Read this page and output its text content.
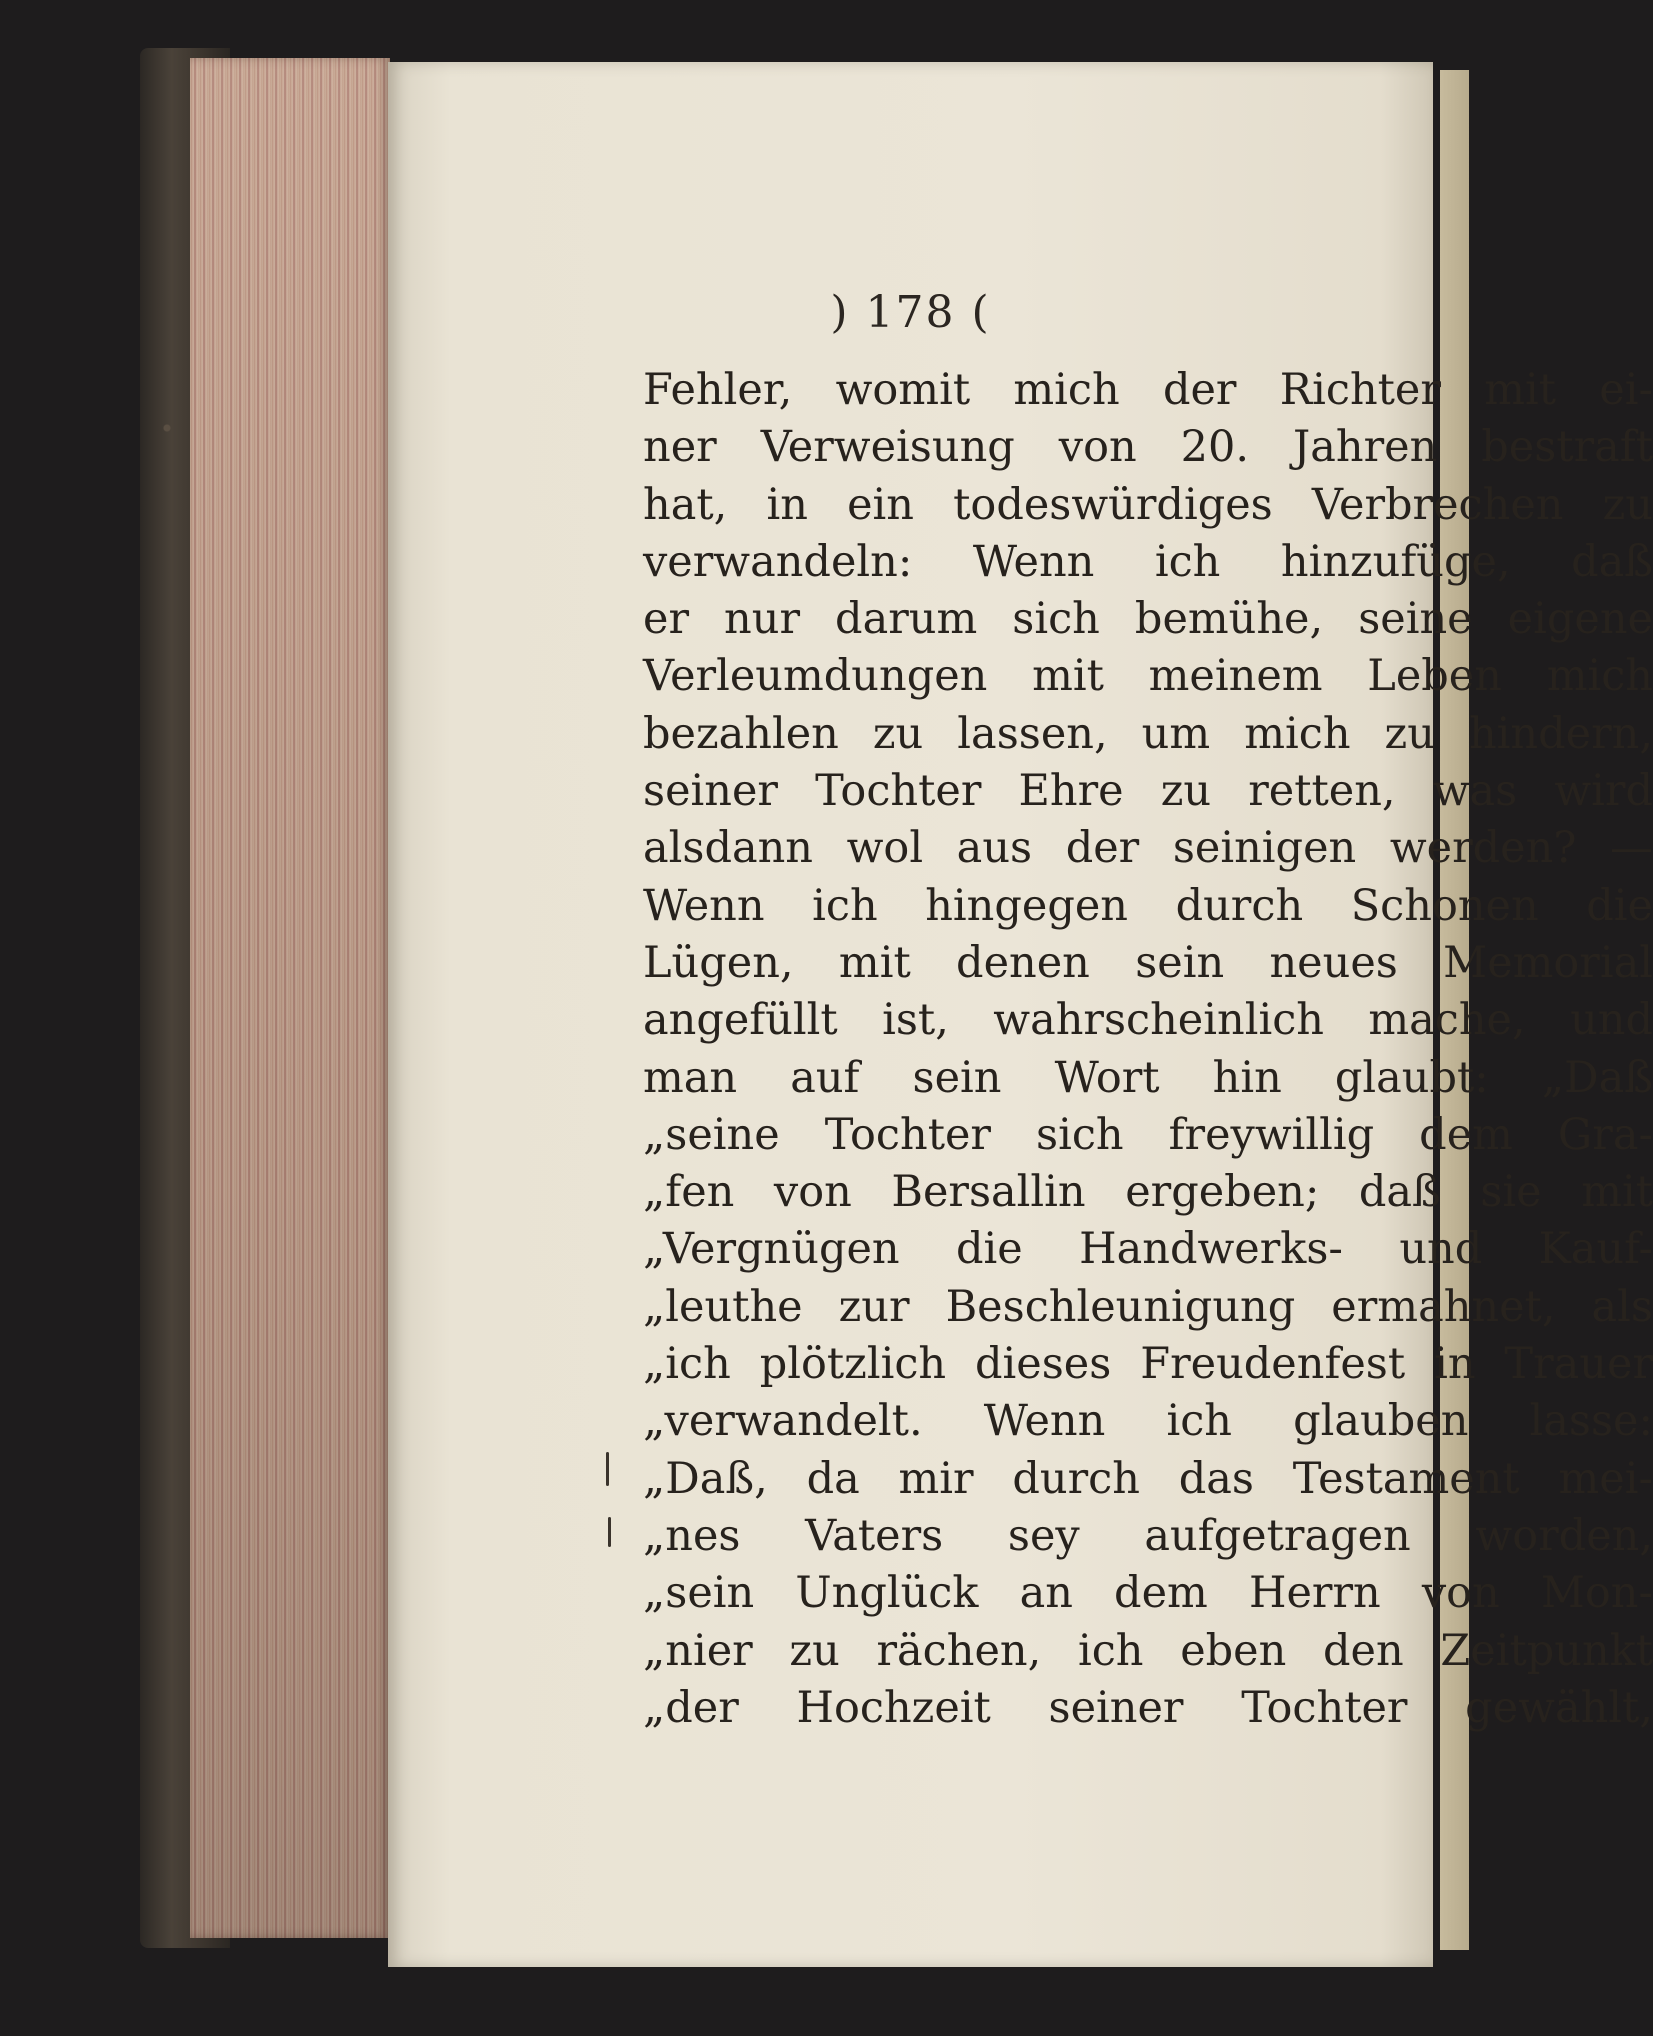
) 178 (
Fehler, womit mich der Richter mit ei-
ner Verweisung von 20. Jahren bestraft
hat, in ein todeswürdiges Verbrechen zu
verwandeln: Wenn ich hinzufüge, daß
er nur darum sich bemühe, seine eigene
Verleumdungen mit meinem Leben mich
bezahlen zu lassen, um mich zu hindern,
seiner Tochter Ehre zu retten, was wird
alsdann wol aus der seinigen werden? —
Wenn ich hingegen durch Schonen die
Lügen, mit denen sein neues Memorial
angefüllt ist, wahrscheinlich mache, und
man auf sein Wort hin glaubt: „Daß
„seine Tochter sich freywillig dem Gra-
„fen von Bersallin ergeben; daß sie mit
„Vergnügen die Handwerks- und Kauf-
„leuthe zur Beschleunigung ermahnet, als
„ich plötzlich dieses Freudenfest in Trauer
„verwandelt. Wenn ich glauben lasse:
„Daß, da mir durch das Testament mei-
„nes Vaters sey aufgetragen worden,
„sein Unglück an dem Herrn von Mon-
„nier zu rächen, ich eben den Zeitpunkt
„der Hochzeit seiner Tochter gewählt,
